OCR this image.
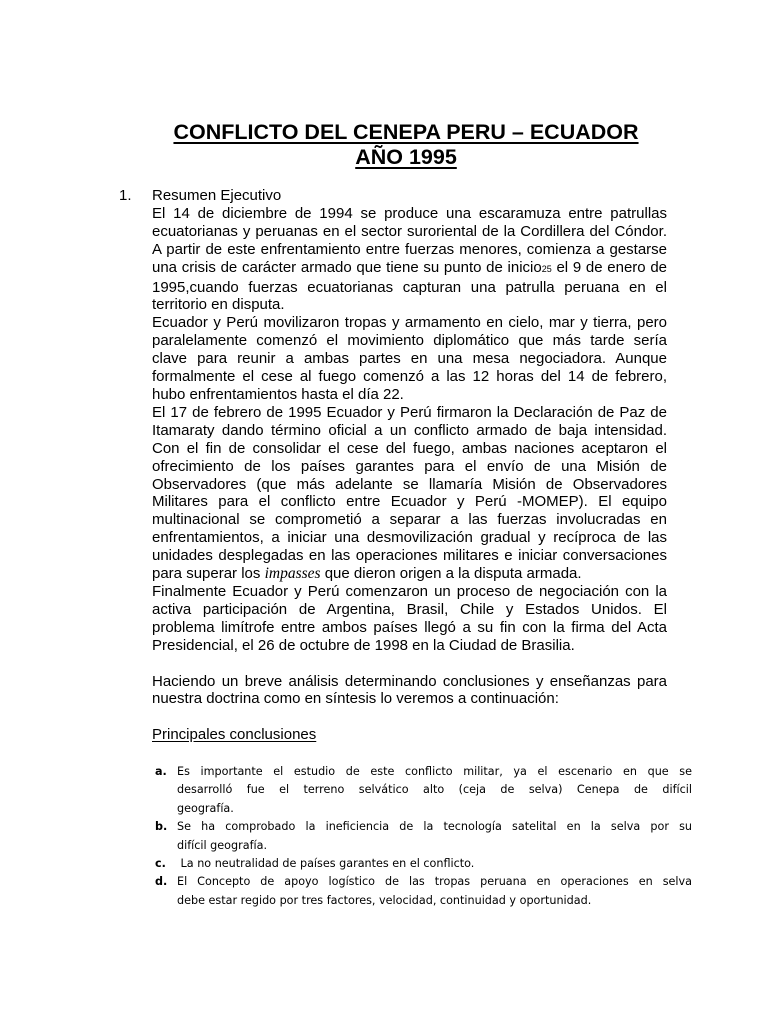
CONFLICTO DEL CENEPA PERU – ECUADOR
AÑO 1995
1. Resumen Ejecutivo
El 14 de diciembre de 1994 se produce una escaramuza entre patrullas
ecuatorianas y peruanas en el sector suroriental de la Cordillera del Cóndor.
A partir de este enfrentamiento entre fuerzas menores, comienza a gestarse
una crisis de carácter armado que tiene su punto de inicio25 el 9 de enero de
1995,cuando fuerzas ecuatorianas capturan una patrulla peruana en el
territorio en disputa.
Ecuador y Perú movilizaron tropas y armamento en cielo, mar y tierra, pero
paralelamente comenzó el movimiento diplomático que más tarde sería
clave para reunir a ambas partes en una mesa negociadora. Aunque
formalmente el cese al fuego comenzó a las 12 horas del 14 de febrero,
hubo enfrentamientos hasta el día 22.
El 17 de febrero de 1995 Ecuador y Perú firmaron la Declaración de Paz de
Itamaraty dando término oficial a un conflicto armado de baja intensidad.
Con el fin de consolidar el cese del fuego, ambas naciones aceptaron el
ofrecimiento de los países garantes para el envío de una Misión de
Observadores (que más adelante se llamaría Misión de Observadores
Militares para el conflicto entre Ecuador y Perú -MOMEP). El equipo
multinacional se comprometió a separar a las fuerzas involucradas en
enfrentamientos, a iniciar una desmovilización gradual y recíproca de las
unidades desplegadas en las operaciones militares e iniciar conversaciones
para superar los impasses que dieron origen a la disputa armada.
Finalmente Ecuador y Perú comenzaron un proceso de negociación con la
activa participación de Argentina, Brasil, Chile y Estados Unidos. El
problema limítrofe entre ambos países llegó a su fin con la firma del Acta
Presidencial, el 26 de octubre de 1998 en la Ciudad de Brasilia.
Haciendo un breve análisis determinando conclusiones y enseñanzas para
nuestra doctrina como en síntesis lo veremos a continuación:
Principales conclusiones
a. Es importante el estudio de este conflicto militar, ya el escenario en que se
desarrolló fue el terreno selvático alto (ceja de selva) Cenepa de difícil
geografía.
b. Se ha comprobado la ineficiencia de la tecnología satelital en la selva por su
difícil geografía.
c. La no neutralidad de países garantes en el conflicto.
d. El Concepto de apoyo logístico de las tropas peruana en operaciones en selva
debe estar regido por tres factores, velocidad, continuidad y oportunidad.
